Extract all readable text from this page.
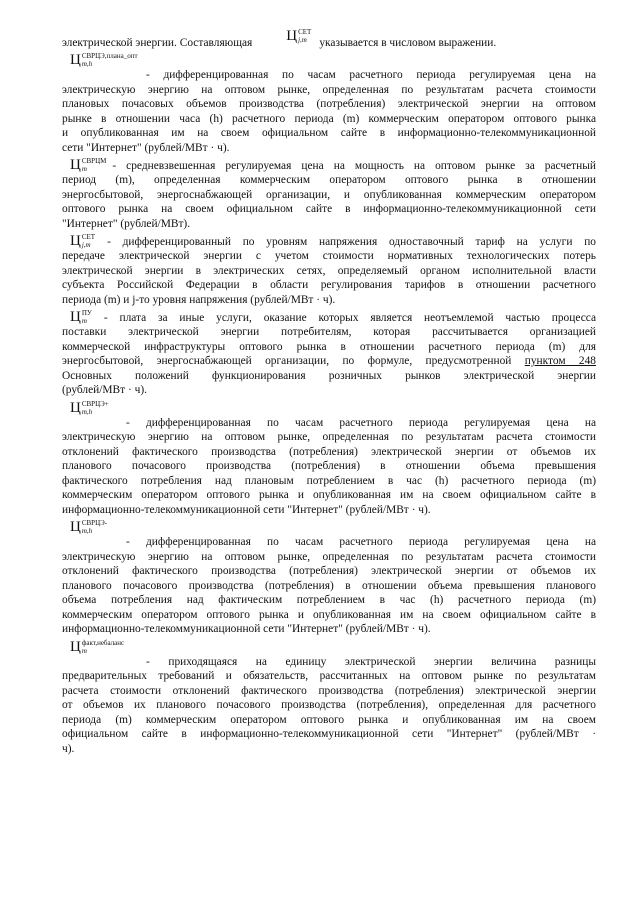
электрической энергии. Составляющая Ц СЕТ
j,m	указывается в числовом выражении.
Ц СВРЦЭ,плана_опт
m,h
- дифференцированная по часам расчетного периода регулируемая цена на
электрическую энергию на оптовом рынке, определенная по результатам расчета стоимости
плановых почасовых объемов производства (потребления) электрической энергии на оптовом
рынке в отношении часа (h) расчетного периода (m) коммерческим оператором оптового рынка
и опубликованная им на своем официальном сайте в информационно-телекоммуникационной
сети "Интернет" (рублей/МВт · ч).
Ц СВРЦМ
m	- средневзвешенная регулируемая цена на мощность на оптовом рынке за расчетный
период (m), определенная коммерческим оператором оптового рынка в отношении
энергосбытовой, энергоснабжающей организации, и опубликованная коммерческим оператором
оптового рынка на своем официальном сайте в информационно-телекоммуникационной сети
"Интернет" (рублей/МВт).
Ц СЕТ
j,m	- дифференцированный по уровням напряжения одноставочный тариф на услуги по
передаче электрической энергии с учетом стоимости нормативных технологических потерь
электрической энергии в электрических сетях, определяемый органом исполнительной власти
субъекта Российской Федерации в области регулирования тарифов в отношении расчетного
периода (m) и j-то уровня напряжения (рублей/МВт · ч).
Ц ПУ
m	- плата за иные услуги, оказание которых является неотъемлемой частью процесса
поставки электрической энергии потребителям, которая рассчитывается организацией
коммерческой инфраструктуры оптового рынка в отношении расчетного периода (m) для
энергосбытовой, энергоснабжающей организации, по формуле, предусмотренной пунктом 248
Основных положений функционирования розничных рынков электрической энергии
(рублей/МВт · ч).
Ц СВРЦЭ+
m,h
- дифференцированная по часам расчетного периода регулируемая цена на
электрическую энергию на оптовом рынке, определенная по результатам расчета стоимости
отклонений фактического производства (потребления) электрической энергии от объемов их
планового почасового производства (потребления) в отношении объема превышения
фактического потребления над плановым потреблением в час (h) расчетного периода (m)
коммерческим оператором оптового рынка и опубликованная им на своем официальном сайте в
информационно-телекоммуникационной сети "Интернет" (рублей/МВт · ч).
Ц СВРЦЭ-
m,h
- дифференцированная по часам расчетного периода регулируемая цена на
электрическую энергию на оптовом рынке, определенная по результатам расчета стоимости
отклонений фактического производства (потребления) электрической энергии от объемов их
планового почасового производства (потребления) в отношении объема превышения планового
объема потребления над фактическим потреблением в час (h) расчетного периода (m)
коммерческим оператором оптового рынка и опубликованная им на своем официальном сайте в
информационно-телекоммуникационной сети "Интернет" (рублей/МВт · ч).
Ц факт,небаланс
m
- приходящаяся на единицу электрической энергии величина разницы
предварительных требований и обязательств, рассчитанных на оптовом рынке по результатам
расчета стоимости отклонений фактического производства (потребления) электрической энергии
от объемов их планового почасового производства (потребления), определенная для расчетного
периода (m) коммерческим оператором оптового рынка и опубликованная им на своем
официальном сайте в информационно-телекоммуникационной сети "Интернет" (рублей/МВт ·
ч).
